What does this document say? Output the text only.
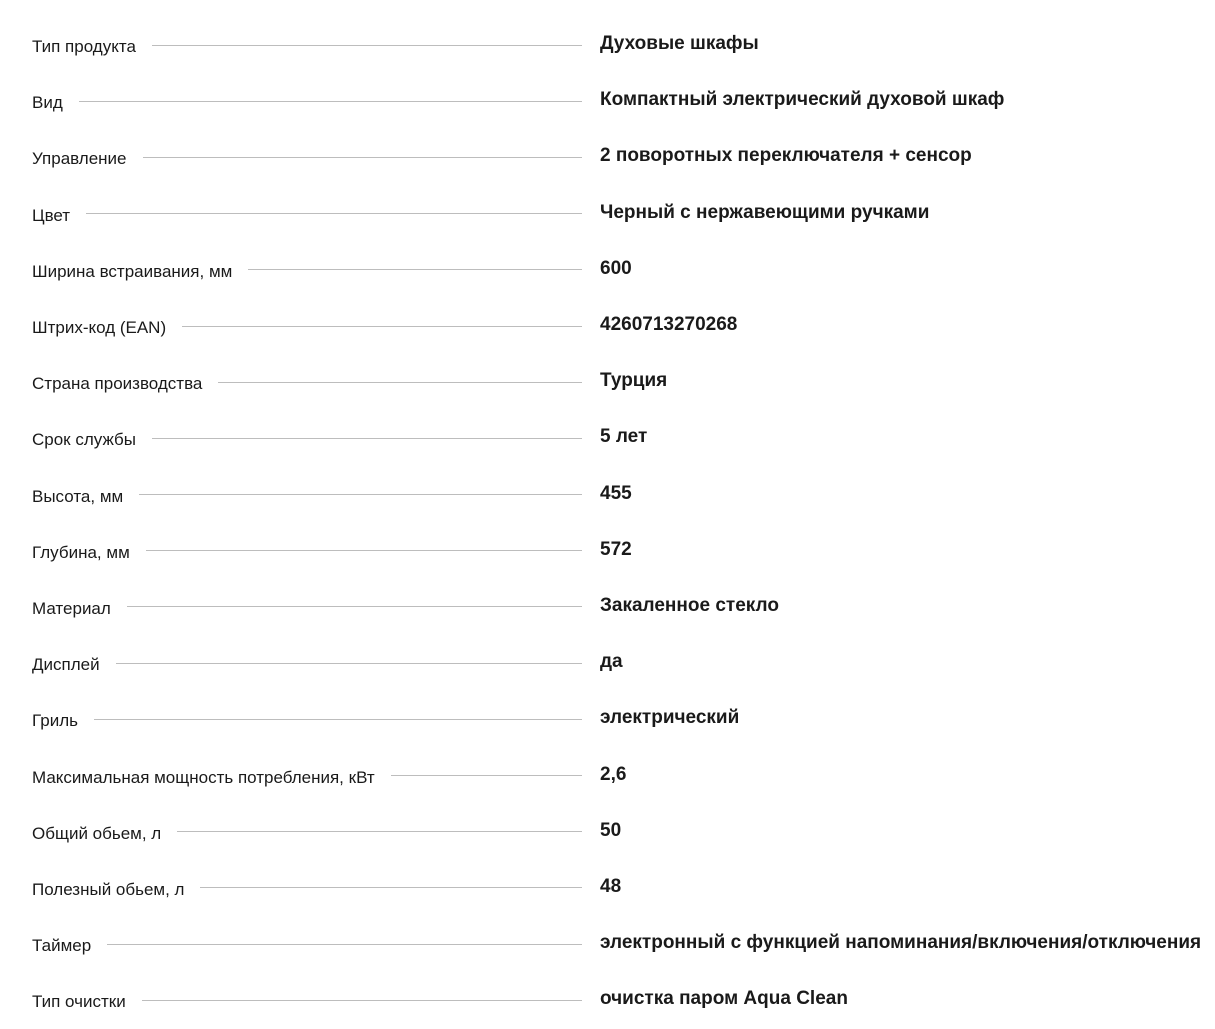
Тип продукта	Духовые шкафы
Вид	Компактный электрический духовой шкаф
Управление	2 поворотных переключателя + сенсор
Цвет	Черный с нержавеющими ручками
Ширина встраивания, мм	600
Штрих-код (EAN)	4260713270268
Страна производства	Турция
Срок службы	5 лет
Высота, мм	455
Глубина, мм	572
Материал	Закаленное стекло
Дисплей	да
Гриль	электрический
Максимальная мощность потребления, кВт	2,6
Общий обьем, л	50
Полезный обьем, л	48
Таймер	электронный с функцией напоминания/включения/отключения
Тип очистки	очистка паром Aqua Clean
